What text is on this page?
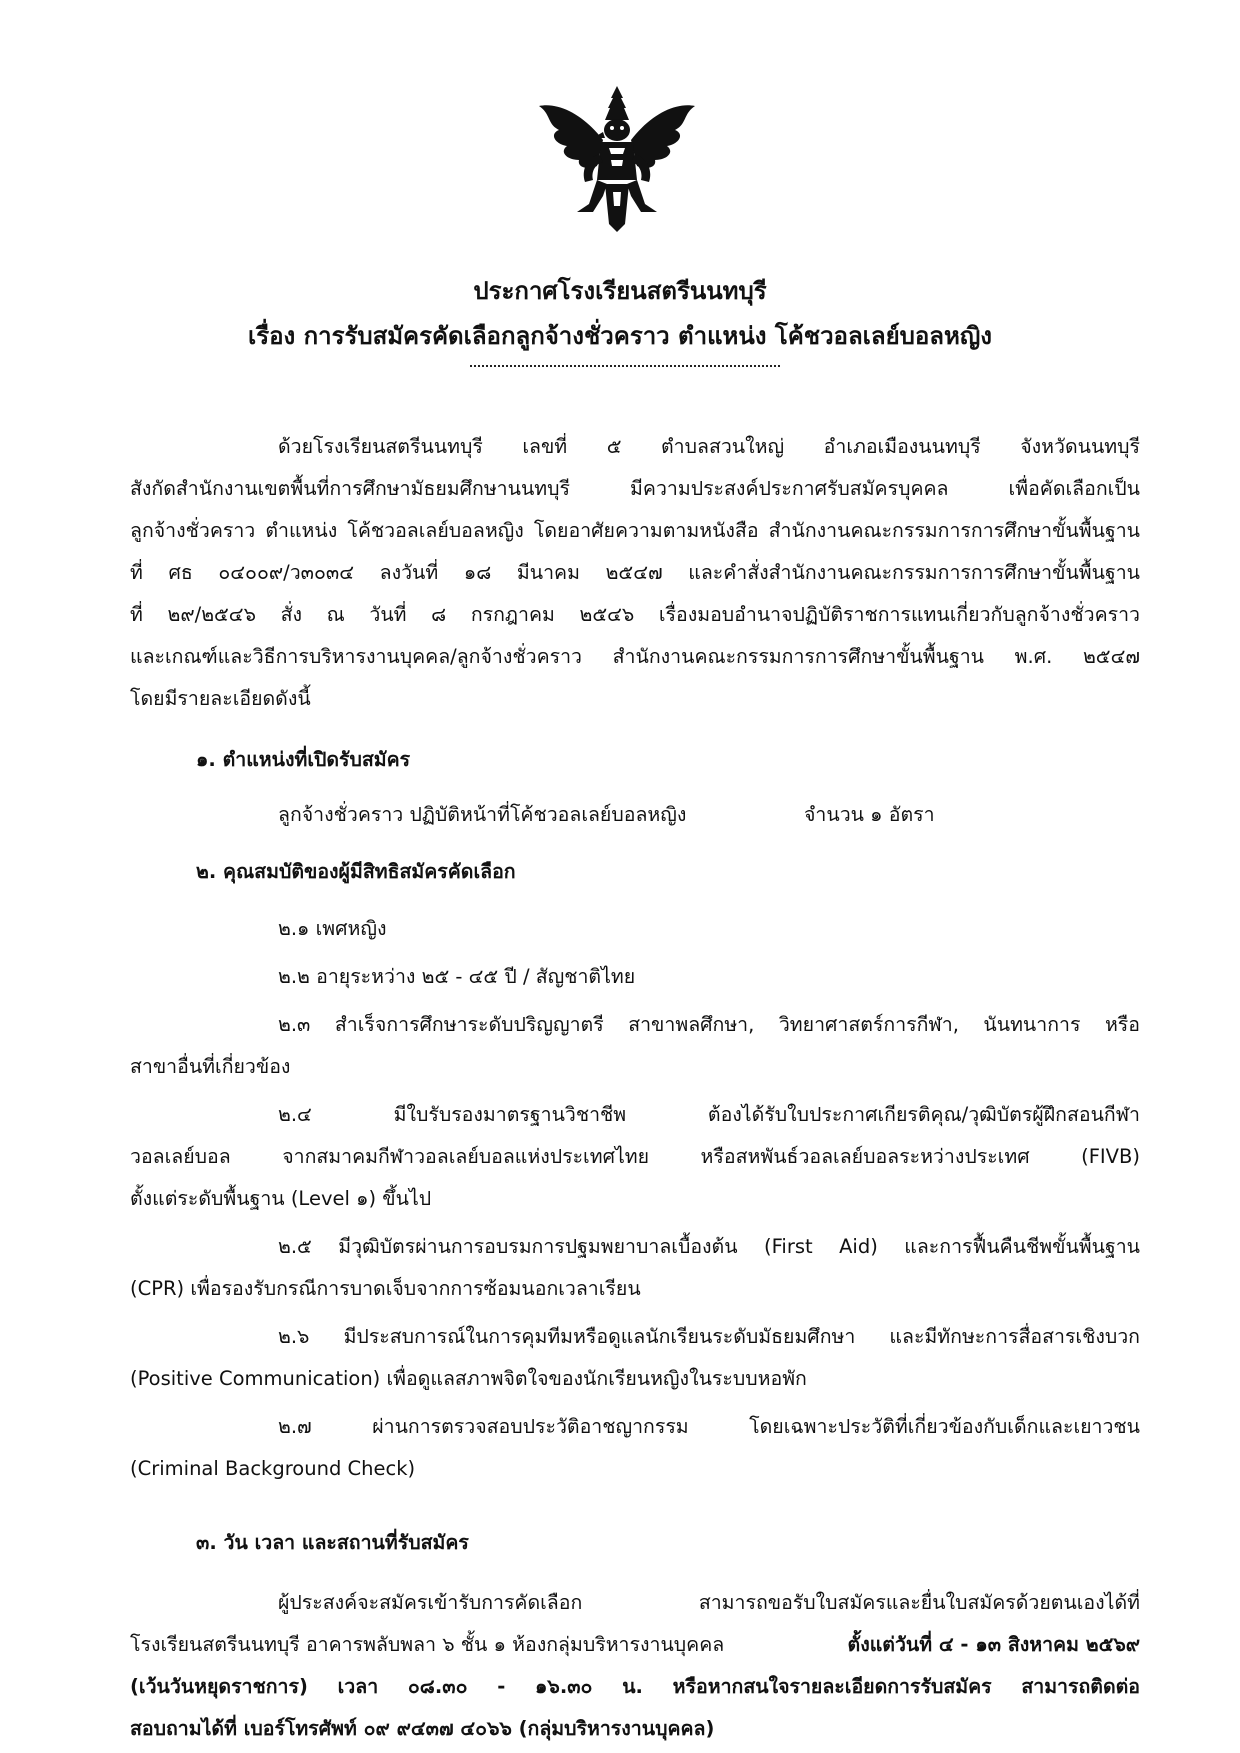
ประกาศโรงเรียนสตรีนนทบุรี
เรื่อง การรับสมัครคัดเลือกลูกจ้างชั่วคราว ตำแหน่ง โค้ชวอลเลย์บอลหญิง
ด้วยโรงเรียนสตรีนนทบุรี เลขที่ ๕ ตำบลสวนใหญ่ อำเภอเมืองนนทบุรี จังหวัดนนทบุรี
สังกัดสำนักงานเขตพื้นที่การศึกษามัธยมศึกษานนทบุรี มีความประสงค์ประกาศรับสมัครบุคคล เพื่อคัดเลือกเป็น
ลูกจ้างชั่วคราว ตำแหน่ง โค้ชวอลเลย์บอลหญิง โดยอาศัยความตามหนังสือ สำนักงานคณะกรรมการการศึกษาขั้นพื้นฐาน
ที่ ศธ ๐๔๐๐๙/ว๓๐๓๔ ลงวันที่ ๑๘ มีนาคม ๒๕๔๗ และคำสั่งสำนักงานคณะกรรมการการศึกษาขั้นพื้นฐาน
ที่ ๒๙/๒๕๔๖ สั่ง ณ วันที่ ๘ กรกฎาคม ๒๕๔๖ เรื่องมอบอำนาจปฏิบัติราชการแทนเกี่ยวกับลูกจ้างชั่วคราว
และเกณฑ์และวิธีการบริหารงานบุคคล/ลูกจ้างชั่วคราว สำนักงานคณะกรรมการการศึกษาขั้นพื้นฐาน พ.ศ. ๒๕๔๗
โดยมีรายละเอียดดังนี้
๑. ตำแหน่งที่เปิดรับสมัคร
ลูกจ้างชั่วคราว ปฏิบัติหน้าที่โค้ชวอลเลย์บอลหญิง	จำนวน ๑ อัตรา
๒. คุณสมบัติของผู้มีสิทธิสมัครคัดเลือก
๒.๑ เพศหญิง
๒.๒ อายุระหว่าง ๒๕ - ๔๕ ปี / สัญชาติไทย
๒.๓ สำเร็จการศึกษาระดับปริญญาตรี สาขาพลศึกษา, วิทยาศาสตร์การกีฬา, นันทนาการ หรือ
สาขาอื่นที่เกี่ยวข้อง
๒.๔ มีใบรับรองมาตรฐานวิชาชีพ ต้องได้รับใบประกาศเกียรติคุณ/วุฒิบัตรผู้ฝึกสอนกีฬา
วอลเลย์บอล จากสมาคมกีฬาวอลเลย์บอลแห่งประเทศไทย หรือสหพันธ์วอลเลย์บอลระหว่างประเทศ (FIVB)
ตั้งแต่ระดับพื้นฐาน (Level ๑) ขึ้นไป
๒.๕ มีวุฒิบัตรผ่านการอบรมการปฐมพยาบาลเบื้องต้น (First Aid) และการฟื้นคืนชีพขั้นพื้นฐาน
(CPR) เพื่อรองรับกรณีการบาดเจ็บจากการซ้อมนอกเวลาเรียน
๒.๖ มีประสบการณ์ในการคุมทีมหรือดูแลนักเรียนระดับมัธยมศึกษา และมีทักษะการสื่อสารเชิงบวก
(Positive Communication) เพื่อดูแลสภาพจิตใจของนักเรียนหญิงในระบบหอพัก
๒.๗ ผ่านการตรวจสอบประวัติอาชญากรรม โดยเฉพาะประวัติที่เกี่ยวข้องกับเด็กและเยาวชน
(Criminal Background Check)
๓. วัน เวลา และสถานที่รับสมัคร
ผู้ประสงค์จะสมัครเข้ารับการคัดเลือก สามารถขอรับใบสมัครและยื่นใบสมัครด้วยตนเองได้ที่
โรงเรียนสตรีนนทบุรี อาคารพลับพลา ๖ ชั้น ๑ ห้องกลุ่มบริหารงานบุคคล	ตั้งแต่วันที่ ๔ - ๑๓ สิงหาคม ๒๕๖๙
(เว้นวันหยุดราชการ) เวลา ๐๘.๓๐ - ๑๖.๓๐ น. หรือหากสนใจรายละเอียดการรับสมัคร สามารถติดต่อ
สอบถามได้ที่ เบอร์โทรศัพท์ ๐๙ ๙๔๓๗ ๔๐๖๖ (กลุ่มบริหารงานบุคคล)
